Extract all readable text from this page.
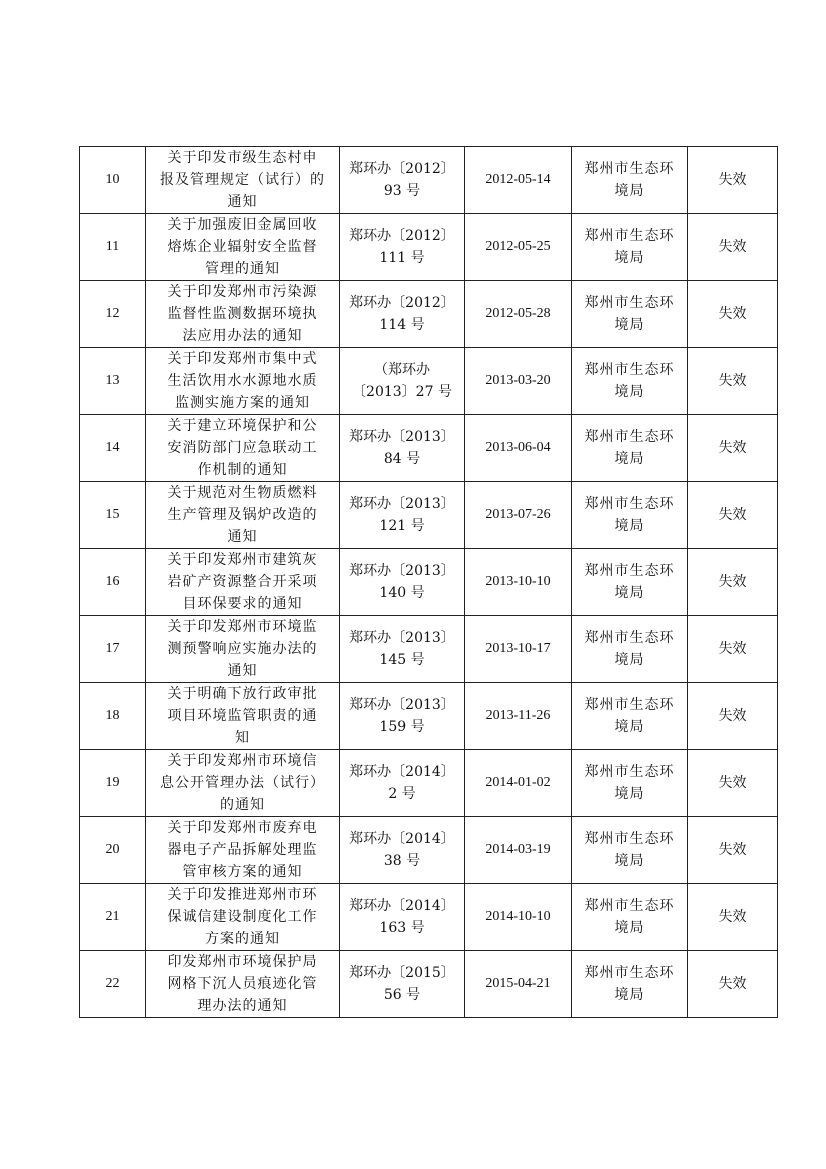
10	关于印发市级生态村申
报及管理规定（试行）的
通知	郑环办〔2012〕
93 号	2012-05-14	郑州市生态环
境局	失效
11	关于加强废旧金属回收
熔炼企业辐射安全监督
管理的通知	郑环办〔2012〕
111 号	2012-05-25	郑州市生态环
境局	失效
12	关于印发郑州市污染源
监督性监测数据环境执
法应用办法的通知	郑环办〔2012〕
114 号	2012-05-28	郑州市生态环
境局	失效
13	关于印发郑州市集中式
生活饮用水水源地水质
监测实施方案的通知	（郑环办
〔2013〕27 号	2013-03-20	郑州市生态环
境局	失效
14	关于建立环境保护和公
安消防部门应急联动工
作机制的通知	郑环办〔2013〕
84 号	2013-06-04	郑州市生态环
境局	失效
15	关于规范对生物质燃料
生产管理及锅炉改造的
通知	郑环办〔2013〕
121 号	2013-07-26	郑州市生态环
境局	失效
16	关于印发郑州市建筑灰
岩矿产资源整合开采项
目环保要求的通知	郑环办〔2013〕
140 号	2013-10-10	郑州市生态环
境局	失效
17	关于印发郑州市环境监
测预警响应实施办法的
通知	郑环办〔2013〕
145 号	2013-10-17	郑州市生态环
境局	失效
18	关于明确下放行政审批
项目环境监管职责的通
知	郑环办〔2013〕
159 号	2013-11-26	郑州市生态环
境局	失效
19	关于印发郑州市环境信
息公开管理办法（试行）
的通知	郑环办〔2014〕
2 号	2014-01-02	郑州市生态环
境局	失效
20	关于印发郑州市废弃电
器电子产品拆解处理监
管审核方案的通知	郑环办〔2014〕
38 号	2014-03-19	郑州市生态环
境局	失效
21	关于印发推进郑州市环
保诚信建设制度化工作
方案的通知	郑环办〔2014〕
163 号	2014-10-10	郑州市生态环
境局	失效
22	印发郑州市环境保护局
网格下沉人员痕迹化管
理办法的通知	郑环办〔2015〕
56 号	2015-04-21	郑州市生态环
境局	失效
